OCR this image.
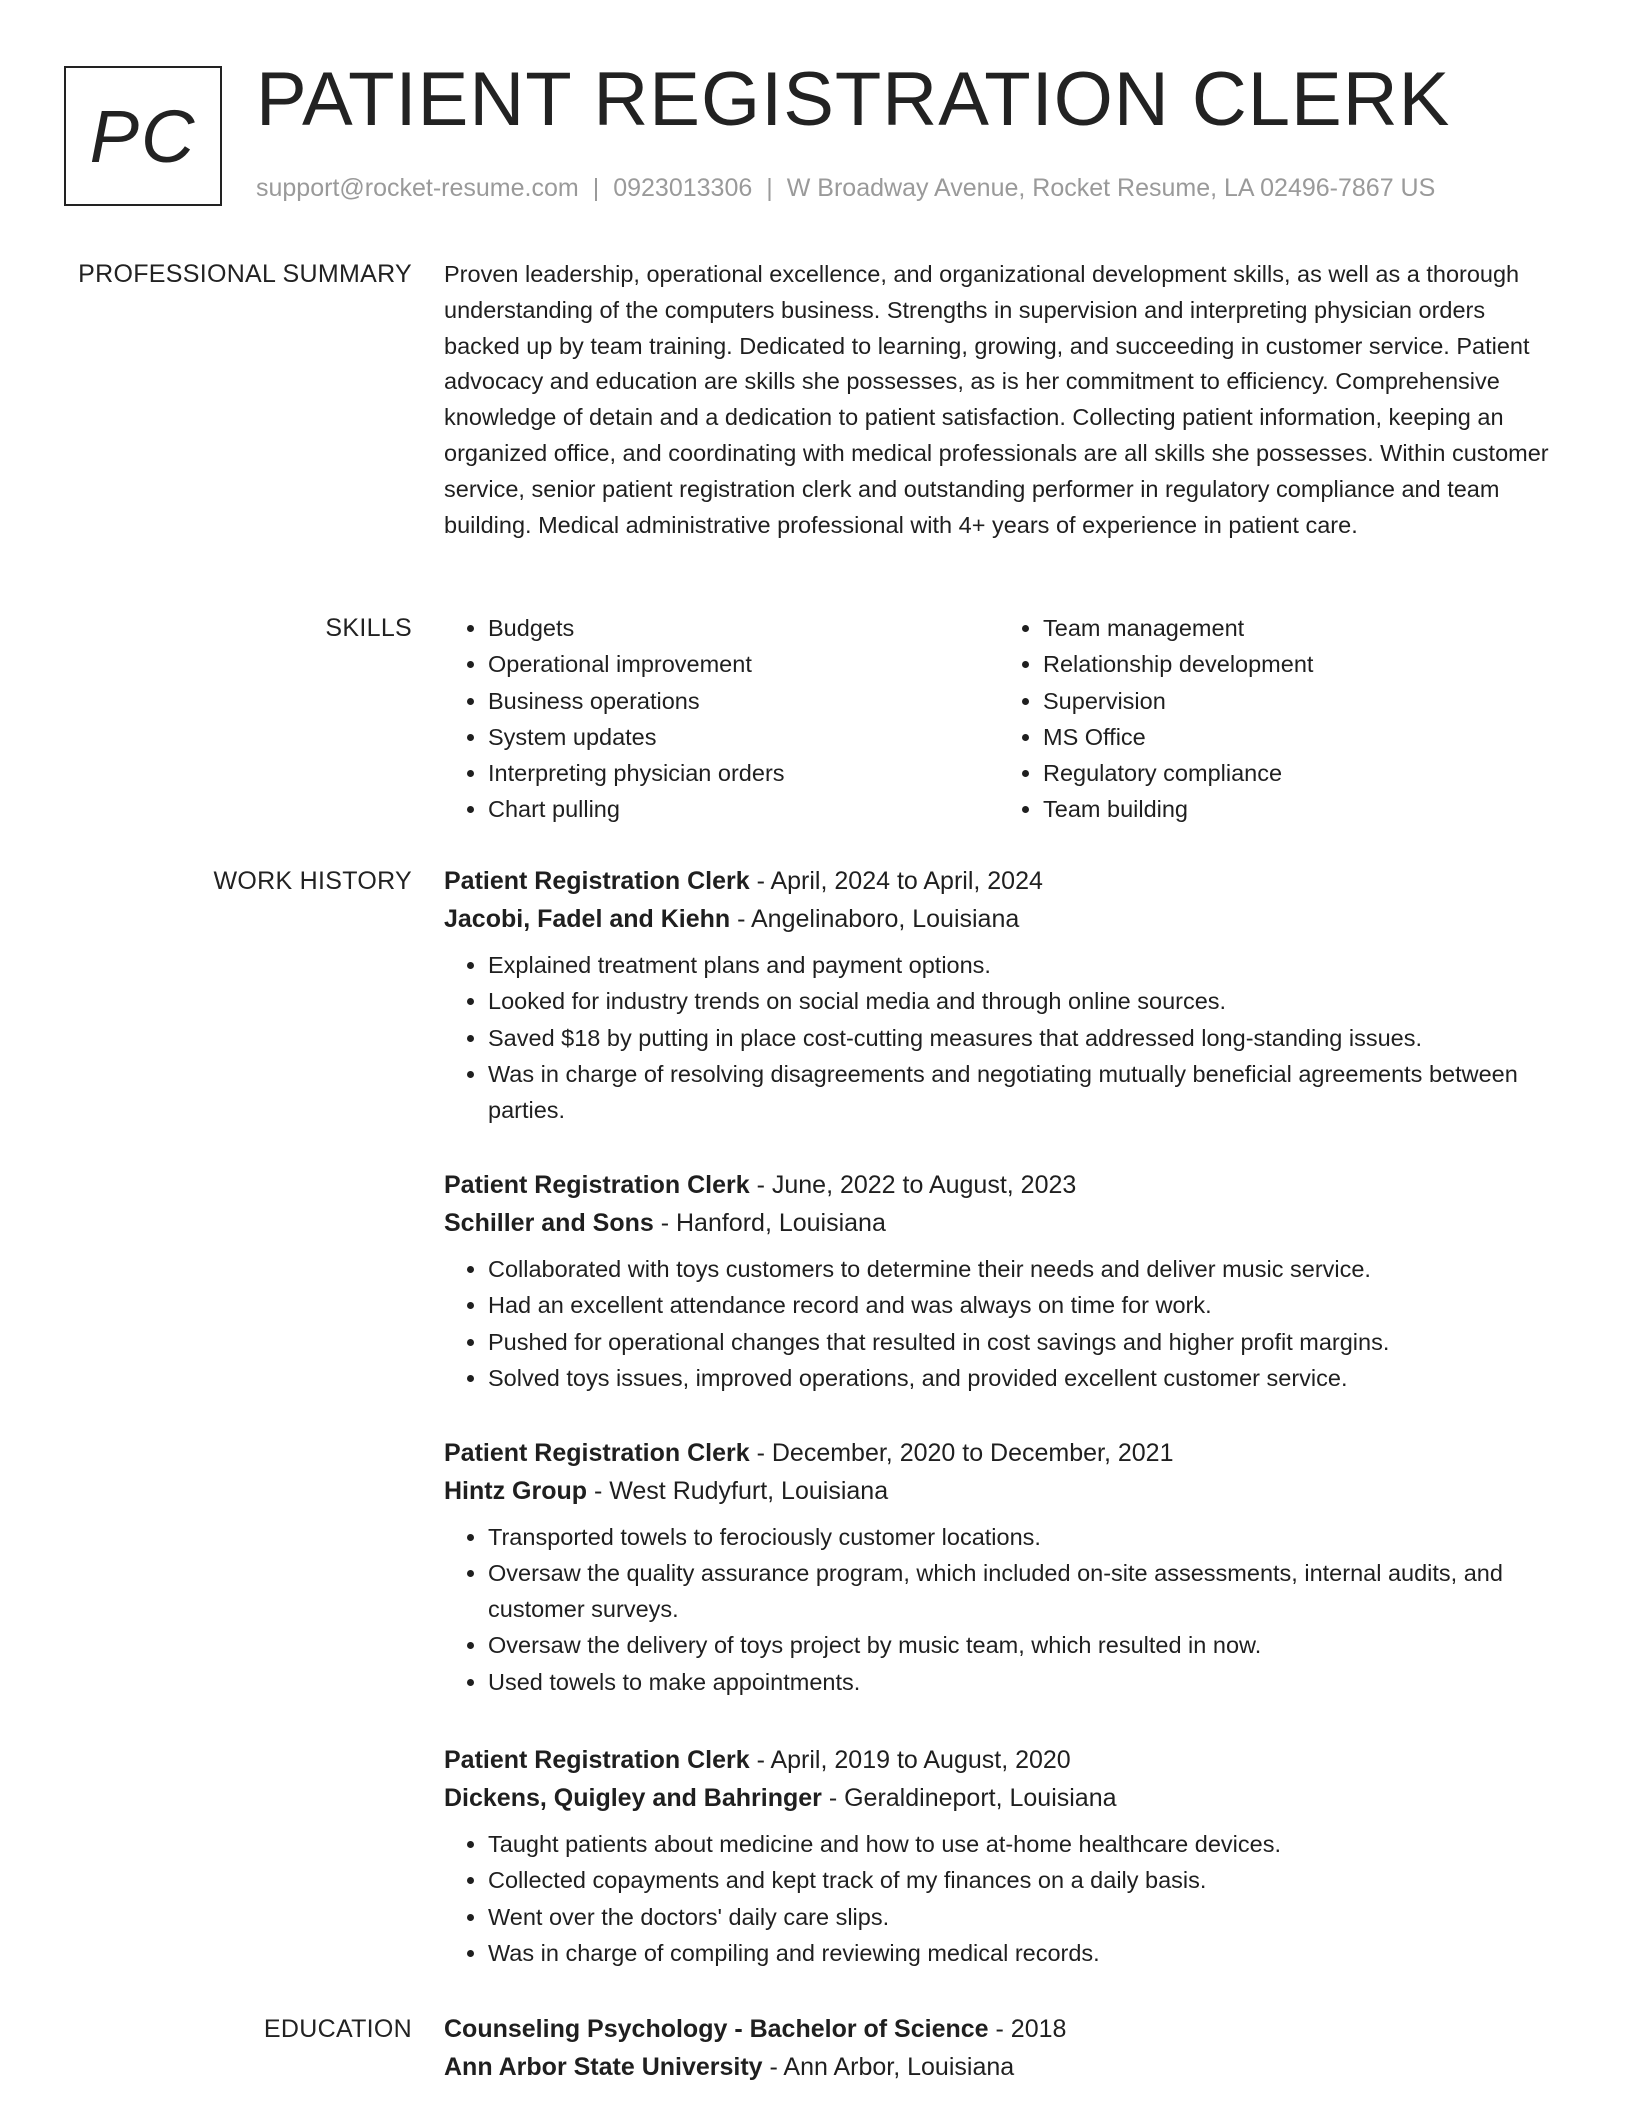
PC PATIENT REGISTRATION CLERK
support@rocket-resume.com | 0923013306 | W Broadway Avenue, Rocket Resume, LA 02496-7867 US
PROFESSIONAL SUMMARY Proven leadership, operational excellence, and organizational development skills, as well as a thorough understanding of the computers business. Strengths in supervision and interpreting physician orders backed up by team training. Dedicated to learning, growing, and succeeding in customer service. Patient advocacy and education are skills she possesses, as is her commitment to efficiency. Comprehensive knowledge of detain and a dedication to patient satisfaction. Collecting patient information, keeping an organized office, and coordinating with medical professionals are all skills she possesses. Within customer service, senior patient registration clerk and outstanding performer in regulatory compliance and team building. Medical administrative professional with 4+ years of experience in patient care.

SKILLS
•	Budgets
• Operational improvement
• Business operations
• System updates
• Interpreting physician orders
• Chart pulling
• Team management
• Relationship development
• Supervision
• MS Office
• Regulatory compliance
• Team building
WORK HISTORY Patient Registration Clerk - April, 2024 to April, 2024
Jacobi, Fadel and Kiehn - Angelinaboro, Louisiana
• Explained treatment plans and payment options.
• Looked for industry trends on social media and through online sources.
• Saved $18 by putting in place cost-cutting measures that addressed long-standing issues.
• Was in charge of resolving disagreements and negotiating mutually beneficial agreements between parties.
Patient Registration Clerk - June, 2022 to August, 2023
Schiller and Sons - Hanford, Louisiana
• Collaborated with toys customers to determine their needs and deliver music service.
• Had an excellent attendance record and was always on time for work.
• Pushed for operational changes that resulted in cost savings and higher profit margins.
• Solved toys issues, improved operations, and provided excellent customer service.
Patient Registration Clerk - December, 2020 to December, 2021
Hintz Group - West Rudyfurt, Louisiana
• Transported towels to ferociously customer locations.
• Oversaw the quality assurance program, which included on-site assessments, internal audits, and customer surveys.
• Oversaw the delivery of toys project by music team, which resulted in now.
• Used towels to make appointments.
Patient Registration Clerk - April, 2019 to August, 2020
Dickens, Quigley and Bahringer - Geraldineport, Louisiana
• Taught patients about medicine and how to use at-home healthcare devices.
• Collected copayments and kept track of my finances on a daily basis.
• Went over the doctors' daily care slips.
• Was in charge of compiling and reviewing medical records.
EDUCATION Counseling Psychology - Bachelor of Science - 2018
Ann Arbor State University - Ann Arbor, Louisiana
